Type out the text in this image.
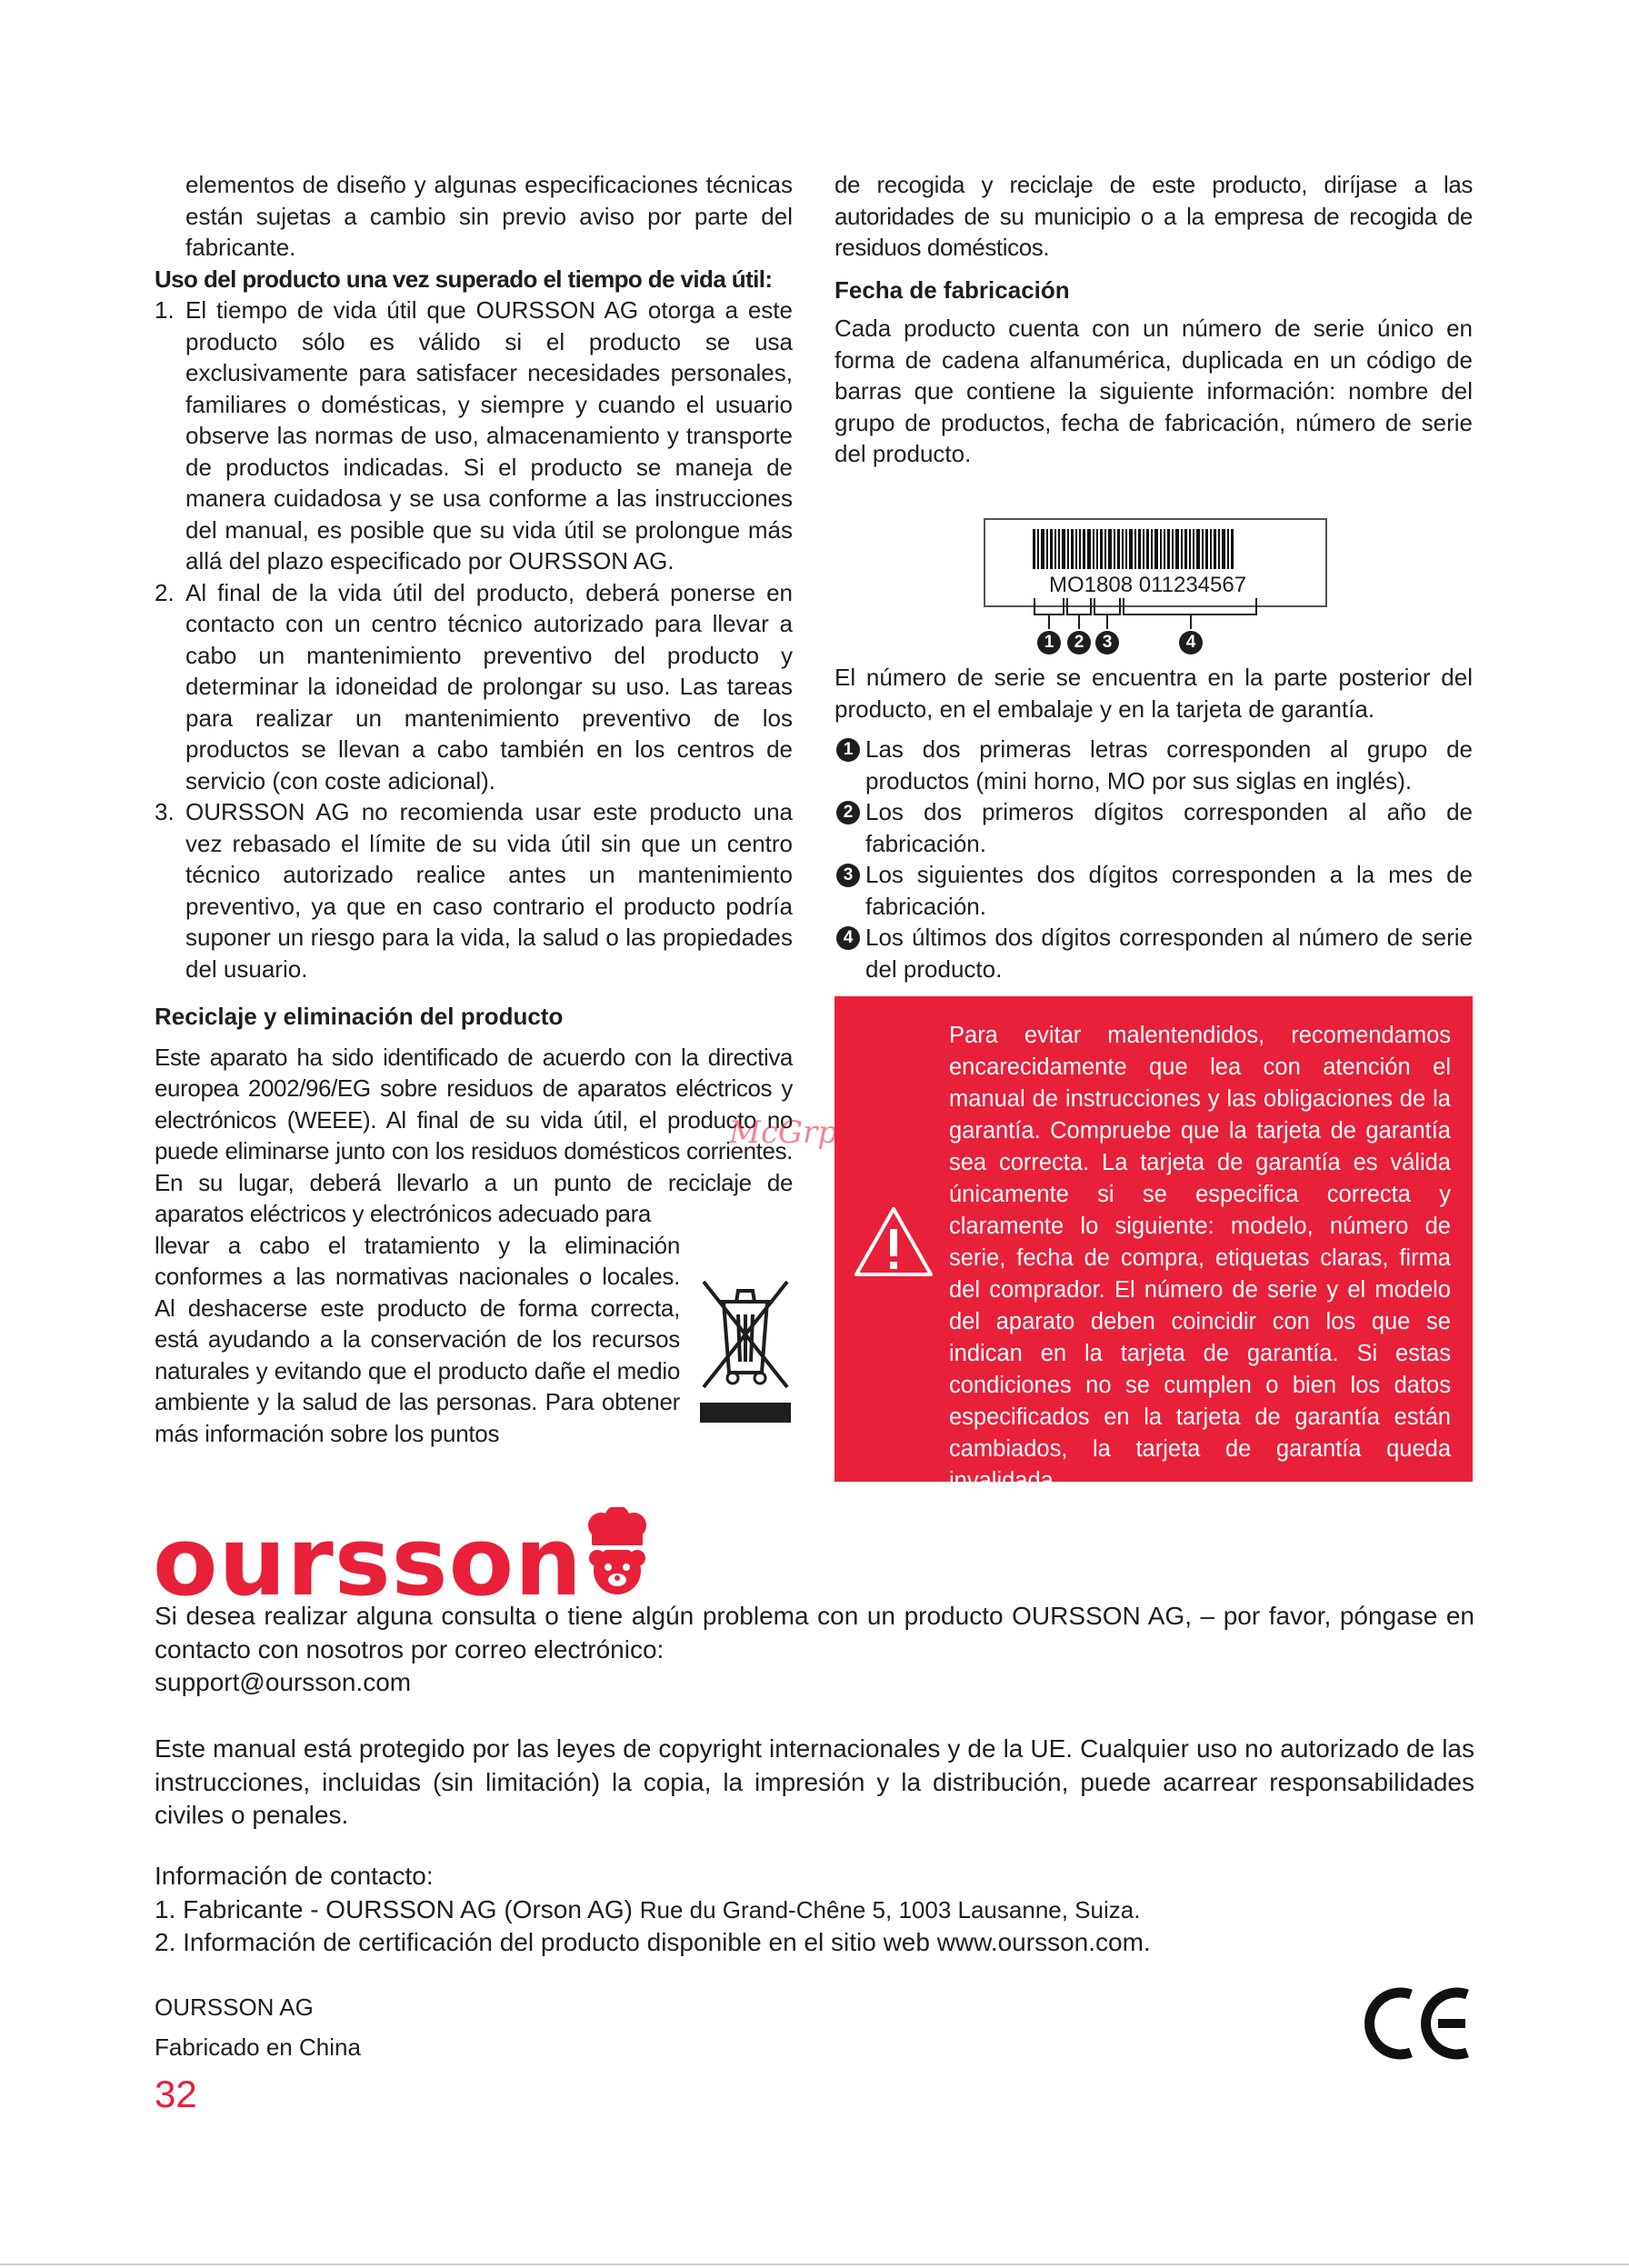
elementos de diseño y algunas especificaciones técnicas están sujetas a cambio sin previo aviso por parte del fabricante.

Uso del producto una vez superado el tiempo de vida útil:

1. El tiempo de vida útil que OURSSON AG otorga a este producto sólo es válido si el producto se usa exclusivamente para satisfacer necesidades personales, familiares o domésticas, y siempre y cuando el usuario observe las normas de uso, almacenamiento y transporte de productos indicadas. Si el producto se maneja de manera cuidadosa y se usa conforme a las instrucciones del manual, es posible que su vida útil se prolongue más allá del plazo especificado por OURSSON AG.
2. Al final de la vida útil del producto, deberá ponerse en contacto con un centro técnico autorizado para llevar a cabo un mantenimiento preventivo del producto y determinar la idoneidad de prolongar su uso. Las tareas para realizar un mantenimiento preventivo de los productos se llevan a cabo también en los centros de servicio (con coste adicional).
3. OURSSON AG no recomienda usar este producto una vez rebasado el límite de su vida útil sin que un centro técnico autorizado realice antes un mantenimiento preventivo, ya que en caso contrario el producto podría suponer un riesgo para la vida, la salud o las propiedades del usuario.

Reciclaje y eliminación del producto

Este aparato ha sido identificado de acuerdo con la directiva europea 2002/96/EG sobre residuos de aparatos eléctricos y electrónicos (WEEE). Al final de su vida útil, el producto no puede eliminarse junto con los residuos domésticos corrientes. En su lugar, deberá llevarlo a un punto de reciclaje de aparatos eléctricos y electrónicos adecuado para

llevar a cabo el tratamiento y la eliminación conformes a las normativas nacionales o locales. Al deshacerse este producto de forma correcta, está ayudando a la conservación de los recursos naturales y evitando que el producto dañe el medio ambiente y la salud de las personas. Para obtener más información sobre los puntos

de recogida y reciclaje de este producto, diríjase a las autoridades de su municipio o a la empresa de recogida de residuos domésticos.

Fecha de fabricación

Cada producto cuenta con un número de serie único en forma de cadena alfanumérica, duplicada en un código de barras que contiene la siguiente información: nombre del grupo de productos, fecha de fabricación, número de serie del producto.

MO1808 011234567
1	2	3	4

El número de serie se encuentra en la parte posterior del producto, en el embalaje y en la tarjeta de garantía.

1 Las dos primeras letras corresponden al grupo de productos (mini horno, MO por sus siglas en inglés).
2 Los dos primeros dígitos corresponden al año de fabricación.
3 Los siguientes dos dígitos corresponden a la mes de fabricación.
4 Los últimos dos dígitos corresponden al número de serie del producto.

Para evitar malentendidos, recomendamos encarecidamente que lea con atención el manual de instrucciones y las obligaciones de la garantía. Compruebe que la tarjeta de garantía sea correcta. La tarjeta de garantía es válida únicamente si se especifica correcta y claramente lo siguiente: modelo, número de serie, fecha de compra, etiquetas claras, firma del comprador. El número de serie y el modelo del aparato deben coincidir con los que se indican en la tarjeta de garantía. Si estas condiciones no se cumplen o bien los datos especificados en la tarjeta de garantía están cambiados, la tarjeta de garantía queda invalidada.

McGrp.Ru
oursson

Si desea realizar alguna consulta o tiene algún problema con un producto OURSSON AG, – por favor, póngase en contacto con nosotros por correo electrónico:

support@oursson.com

Este manual está protegido por las leyes de copyright internacionales y de la UE. Cualquier uso no autorizado de las instrucciones, incluidas (sin limitación) la copia, la impresión y la distribución, puede acarrear responsabilidades civiles o penales.

Información de contacto:

1. Fabricante - OURSSON AG (Orson AG) Rue du Grand-Chêne 5, 1003 Lausanne, Suiza.

2. Información de certificación del producto disponible en el sitio web www.oursson.com.

OURSSON AG
Fabricado en China
32
